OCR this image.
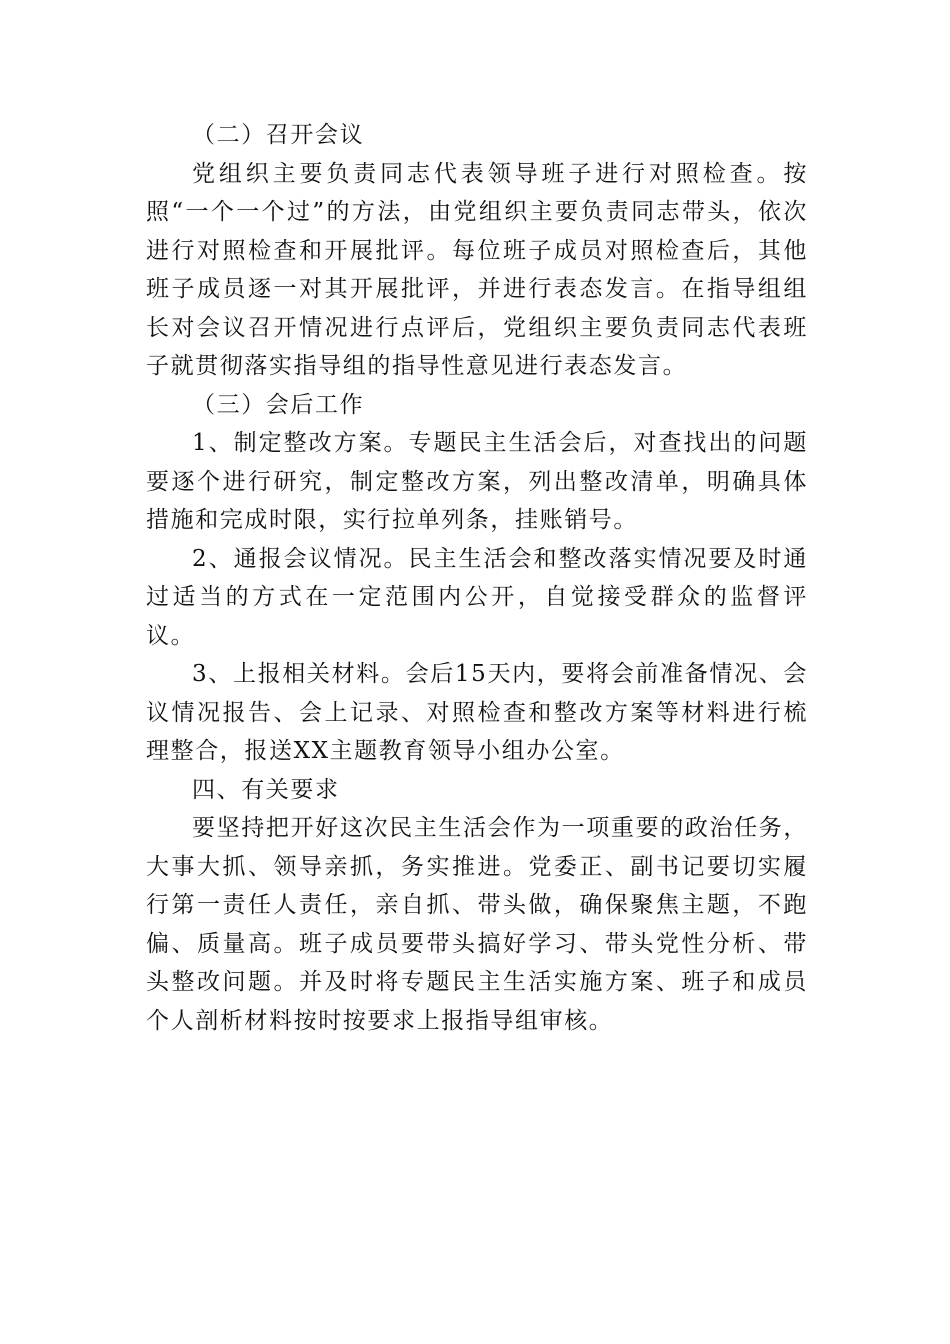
（二）召开会议

党组织主要负责同志代表领导班子进行对照检查。按照“一个一个过”的方法，由党组织主要负责同志带头，依次进行对照检查和开展批评。每位班子成员对照检查后，其他班子成员逐一对其开展批评，并进行表态发言。在指导组组长对会议召开情况进行点评后，党组织主要负责同志代表班子就贯彻落实指导组的指导性意见进行表态发言。

（三）会后工作

1、制定整改方案。专题民主生活会后，对查找出的问题要逐个进行研究，制定整改方案，列出整改清单，明确具体措施和完成时限，实行拉单列条，挂账销号。

2、通报会议情况。民主生活会和整改落实情况要及时通过适当的方式在一定范围内公开，自觉接受群众的监督评议。

3、上报相关材料。会后15天内，要将会前准备情况、会议情况报告、会上记录、对照检查和整改方案等材料进行梳理整合，报送XX主题教育领导小组办公室。

四、有关要求

要坚持把开好这次民主生活会作为一项重要的政治任务，大事大抓、领导亲抓，务实推进。党委正、副书记要切实履行第一责任人责任，亲自抓、带头做，确保聚焦主题，不跑偏、质量高。班子成员要带头搞好学习、带头党性分析、带头整改问题。并及时将专题民主生活实施方案、班子和成员个人剖析材料按时按要求上报指导组审核。
